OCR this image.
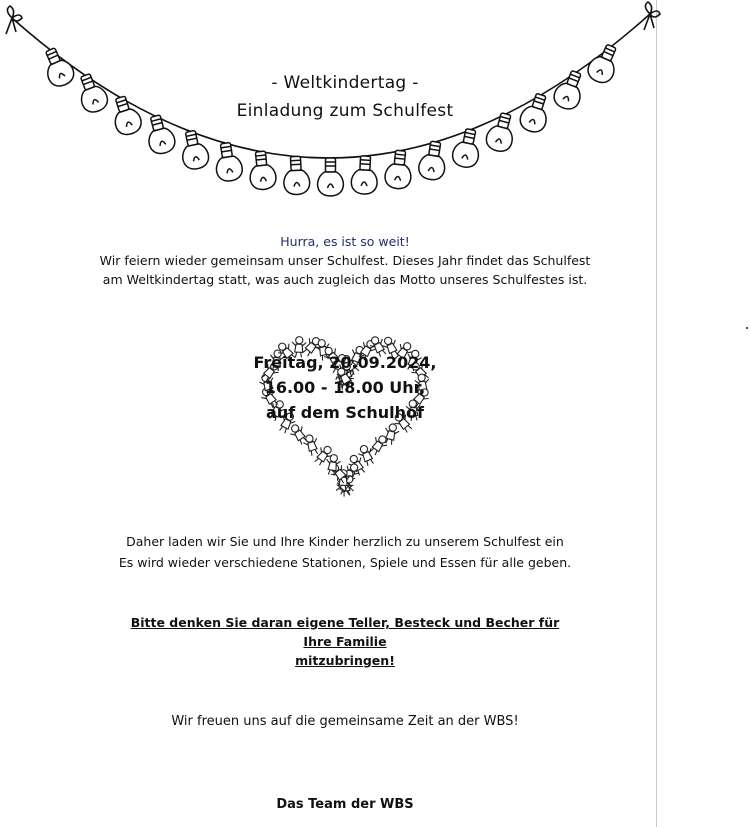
- Weltkindertag -
Einladung zum Schulfest
Hurra, es ist so weit!
Wir feiern wieder gemeinsam unser Schulfest. Dieses Jahr findet das Schulfest
am Weltkindertag statt, was auch zugleich das Motto unseres Schulfestes ist.
Freitag, 20.09.2024,
16.00 - 18.00 Uhr,
auf dem Schulhof
Daher laden wir Sie und Ihre Kinder herzlich zu unserem Schulfest ein
Es wird wieder verschiedene Stationen, Spiele und Essen für alle geben.
Bitte denken Sie daran eigene Teller, Besteck und Becher für Ihre Familie
mitzubringen!
Wir freuen uns auf die gemeinsame Zeit an der WBS!
Das Team der WBS
